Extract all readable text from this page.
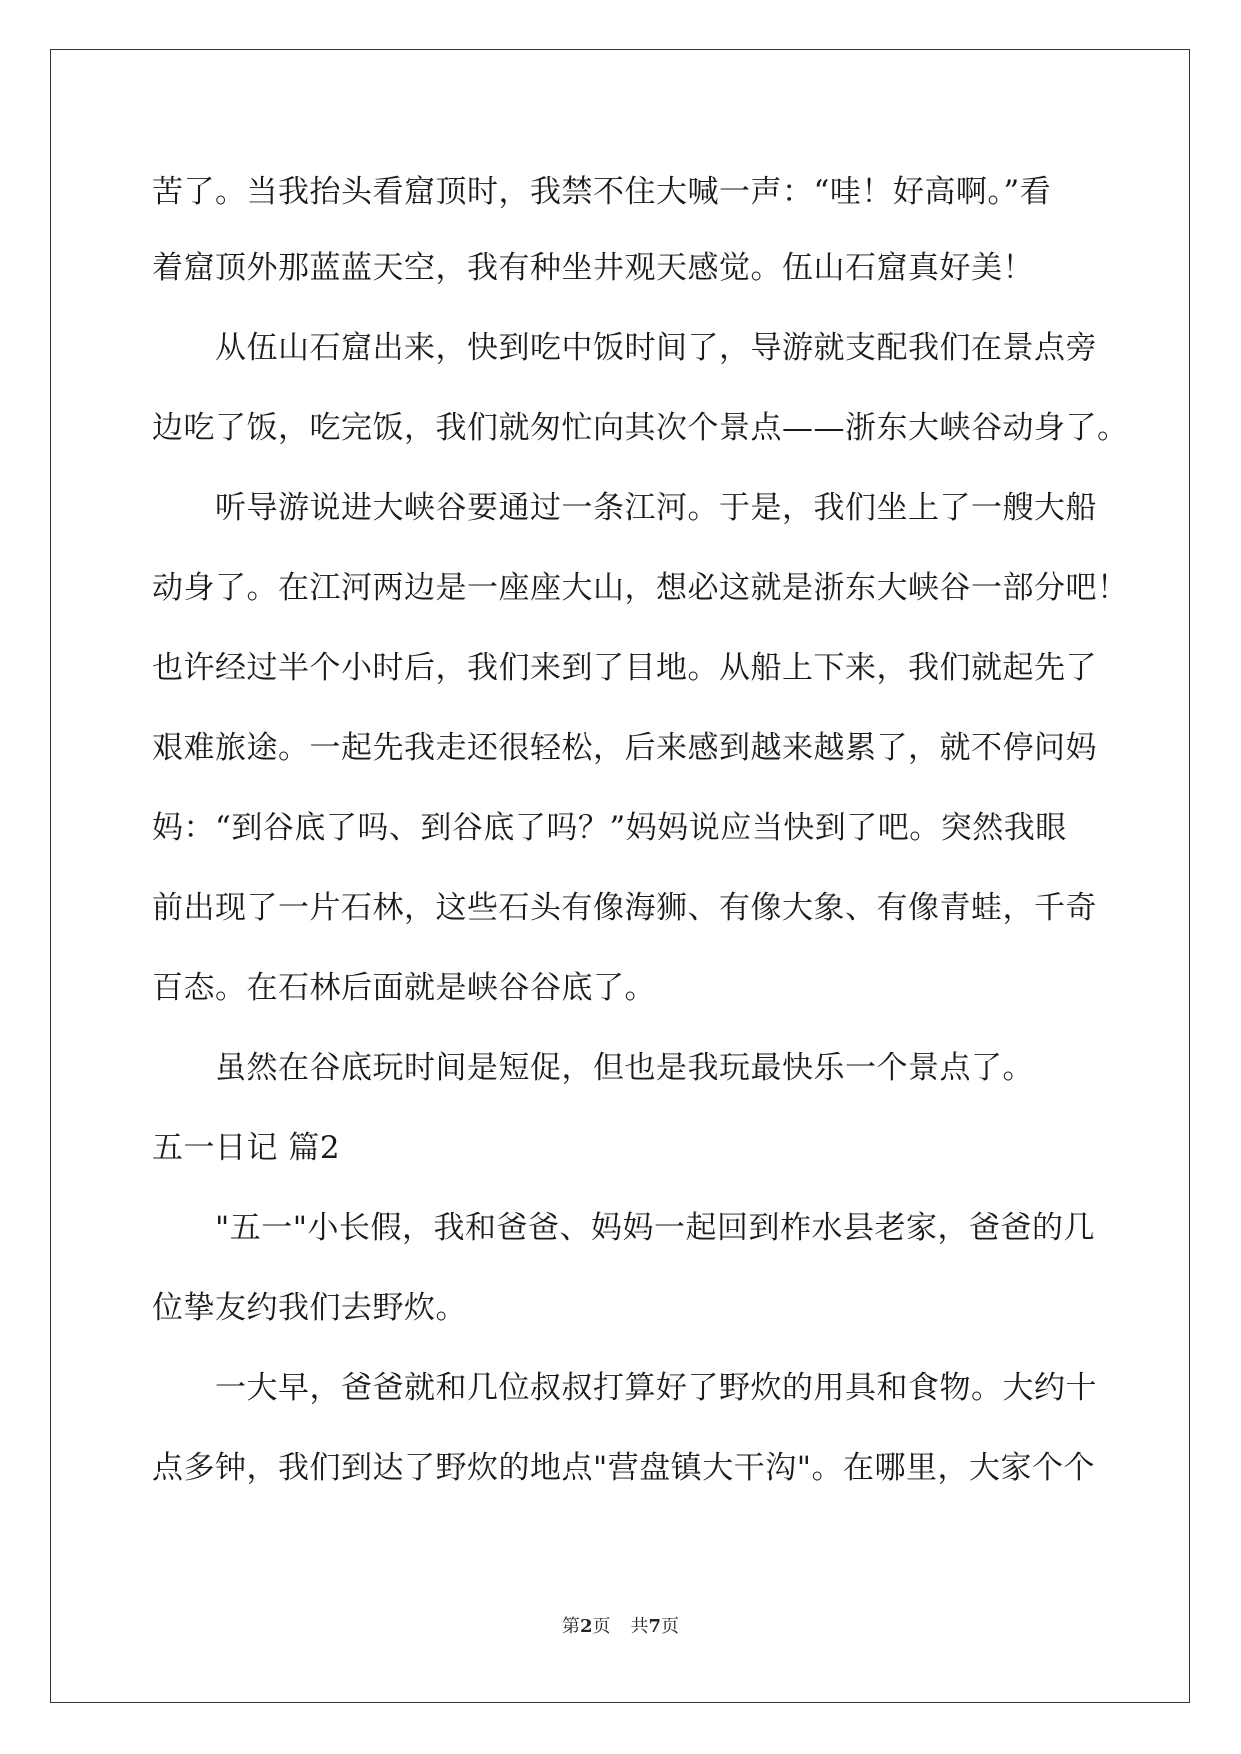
苦了。当我抬头看窟顶时，我禁不住大喊一声：“哇！好高啊。”看
着窟顶外那蓝蓝天空，我有种坐井观天感觉。伍山石窟真好美！
　　从伍山石窟出来，快到吃中饭时间了，导游就支配我们在景点旁
边吃了饭，吃完饭，我们就匆忙向其次个景点——浙东大峡谷动身了。
　　听导游说进大峡谷要通过一条江河。于是，我们坐上了一艘大船
动身了。在江河两边是一座座大山，想必这就是浙东大峡谷一部分吧！
也许经过半个小时后，我们来到了目地。从船上下来，我们就起先了
艰难旅途。一起先我走还很轻松，后来感到越来越累了，就不停问妈
妈：“到谷底了吗、到谷底了吗？”妈妈说应当快到了吧。突然我眼
前出现了一片石林，这些石头有像海狮、有像大象、有像青蛙，千奇
百态。在石林后面就是峡谷谷底了。
　　虽然在谷底玩时间是短促，但也是我玩最快乐一个景点了。
五一日记 篇2
　　"五一"小长假，我和爸爸、妈妈一起回到柞水县老家，爸爸的几
位挚友约我们去野炊。
　　一大早，爸爸就和几位叔叔打算好了野炊的用具和食物。大约十
点多钟，我们到达了野炊的地点"营盘镇大干沟"。在哪里，大家个个
第2页 共7页
